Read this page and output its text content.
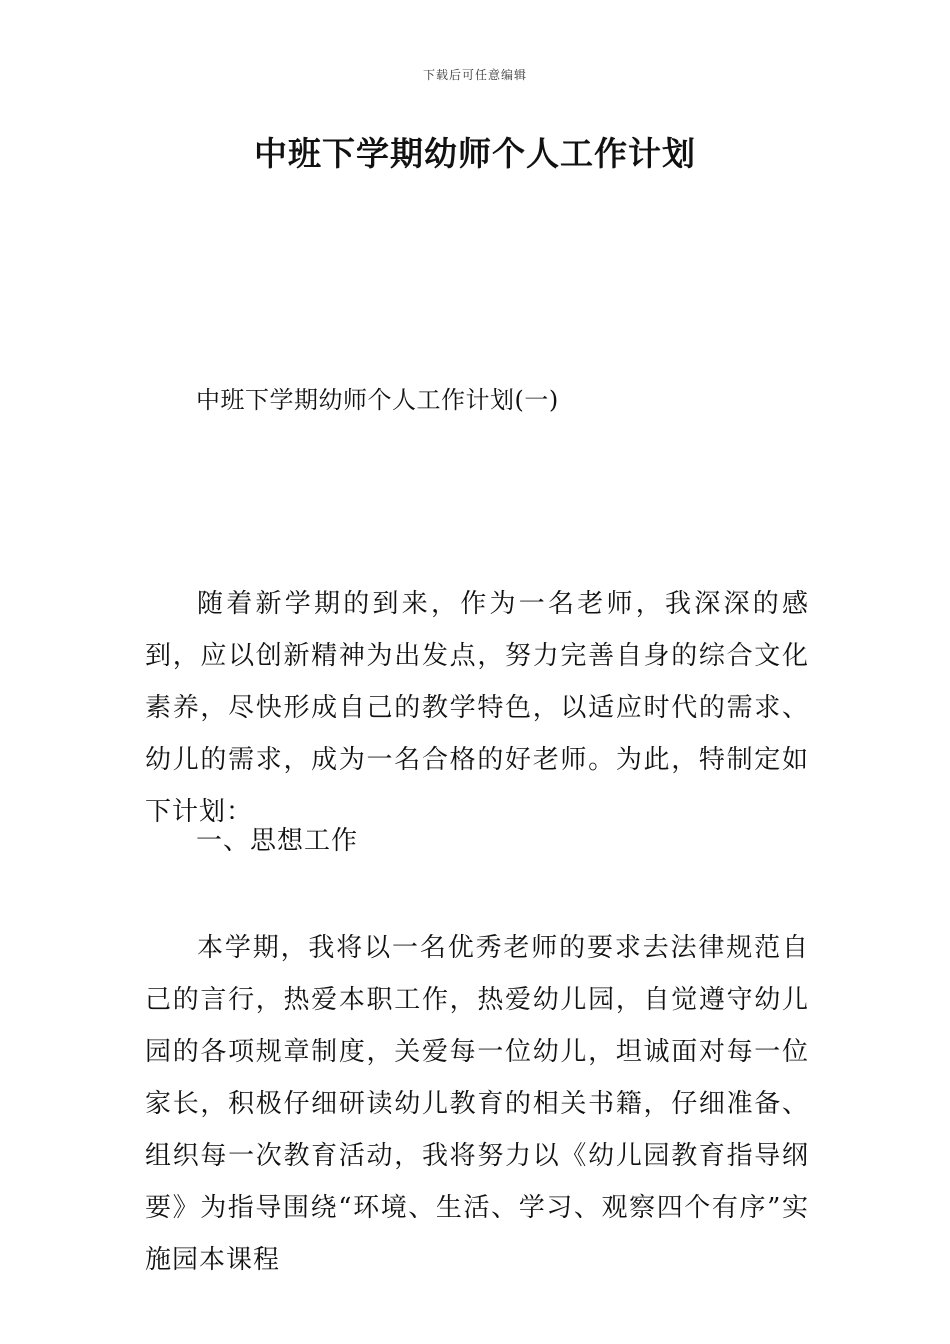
下载后可任意编辑
中班下学期幼师个人工作计划
中班下学期幼师个人工作计划(一)
随着新学期的到来，作为一名老师，我深深的感到，应以创新精神为出发点，努力完善自身的综合文化素养，尽快形成自己的教学特色，以适应时代的需求、幼儿的需求，成为一名合格的好老师。为此，特制定如下计划：
一、思想工作
本学期，我将以一名优秀老师的要求去法律规范自己的言行，热爱本职工作，热爱幼儿园，自觉遵守幼儿园的各项规章制度，关爱每一位幼儿，坦诚面对每一位家长，积极仔细研读幼儿教育的相关书籍，仔细准备、组织每一次教育活动，我将努力以《幼儿园教育指导纲要》为指导围绕“环境、生活、学习、观察四个有序”实施园本课程
